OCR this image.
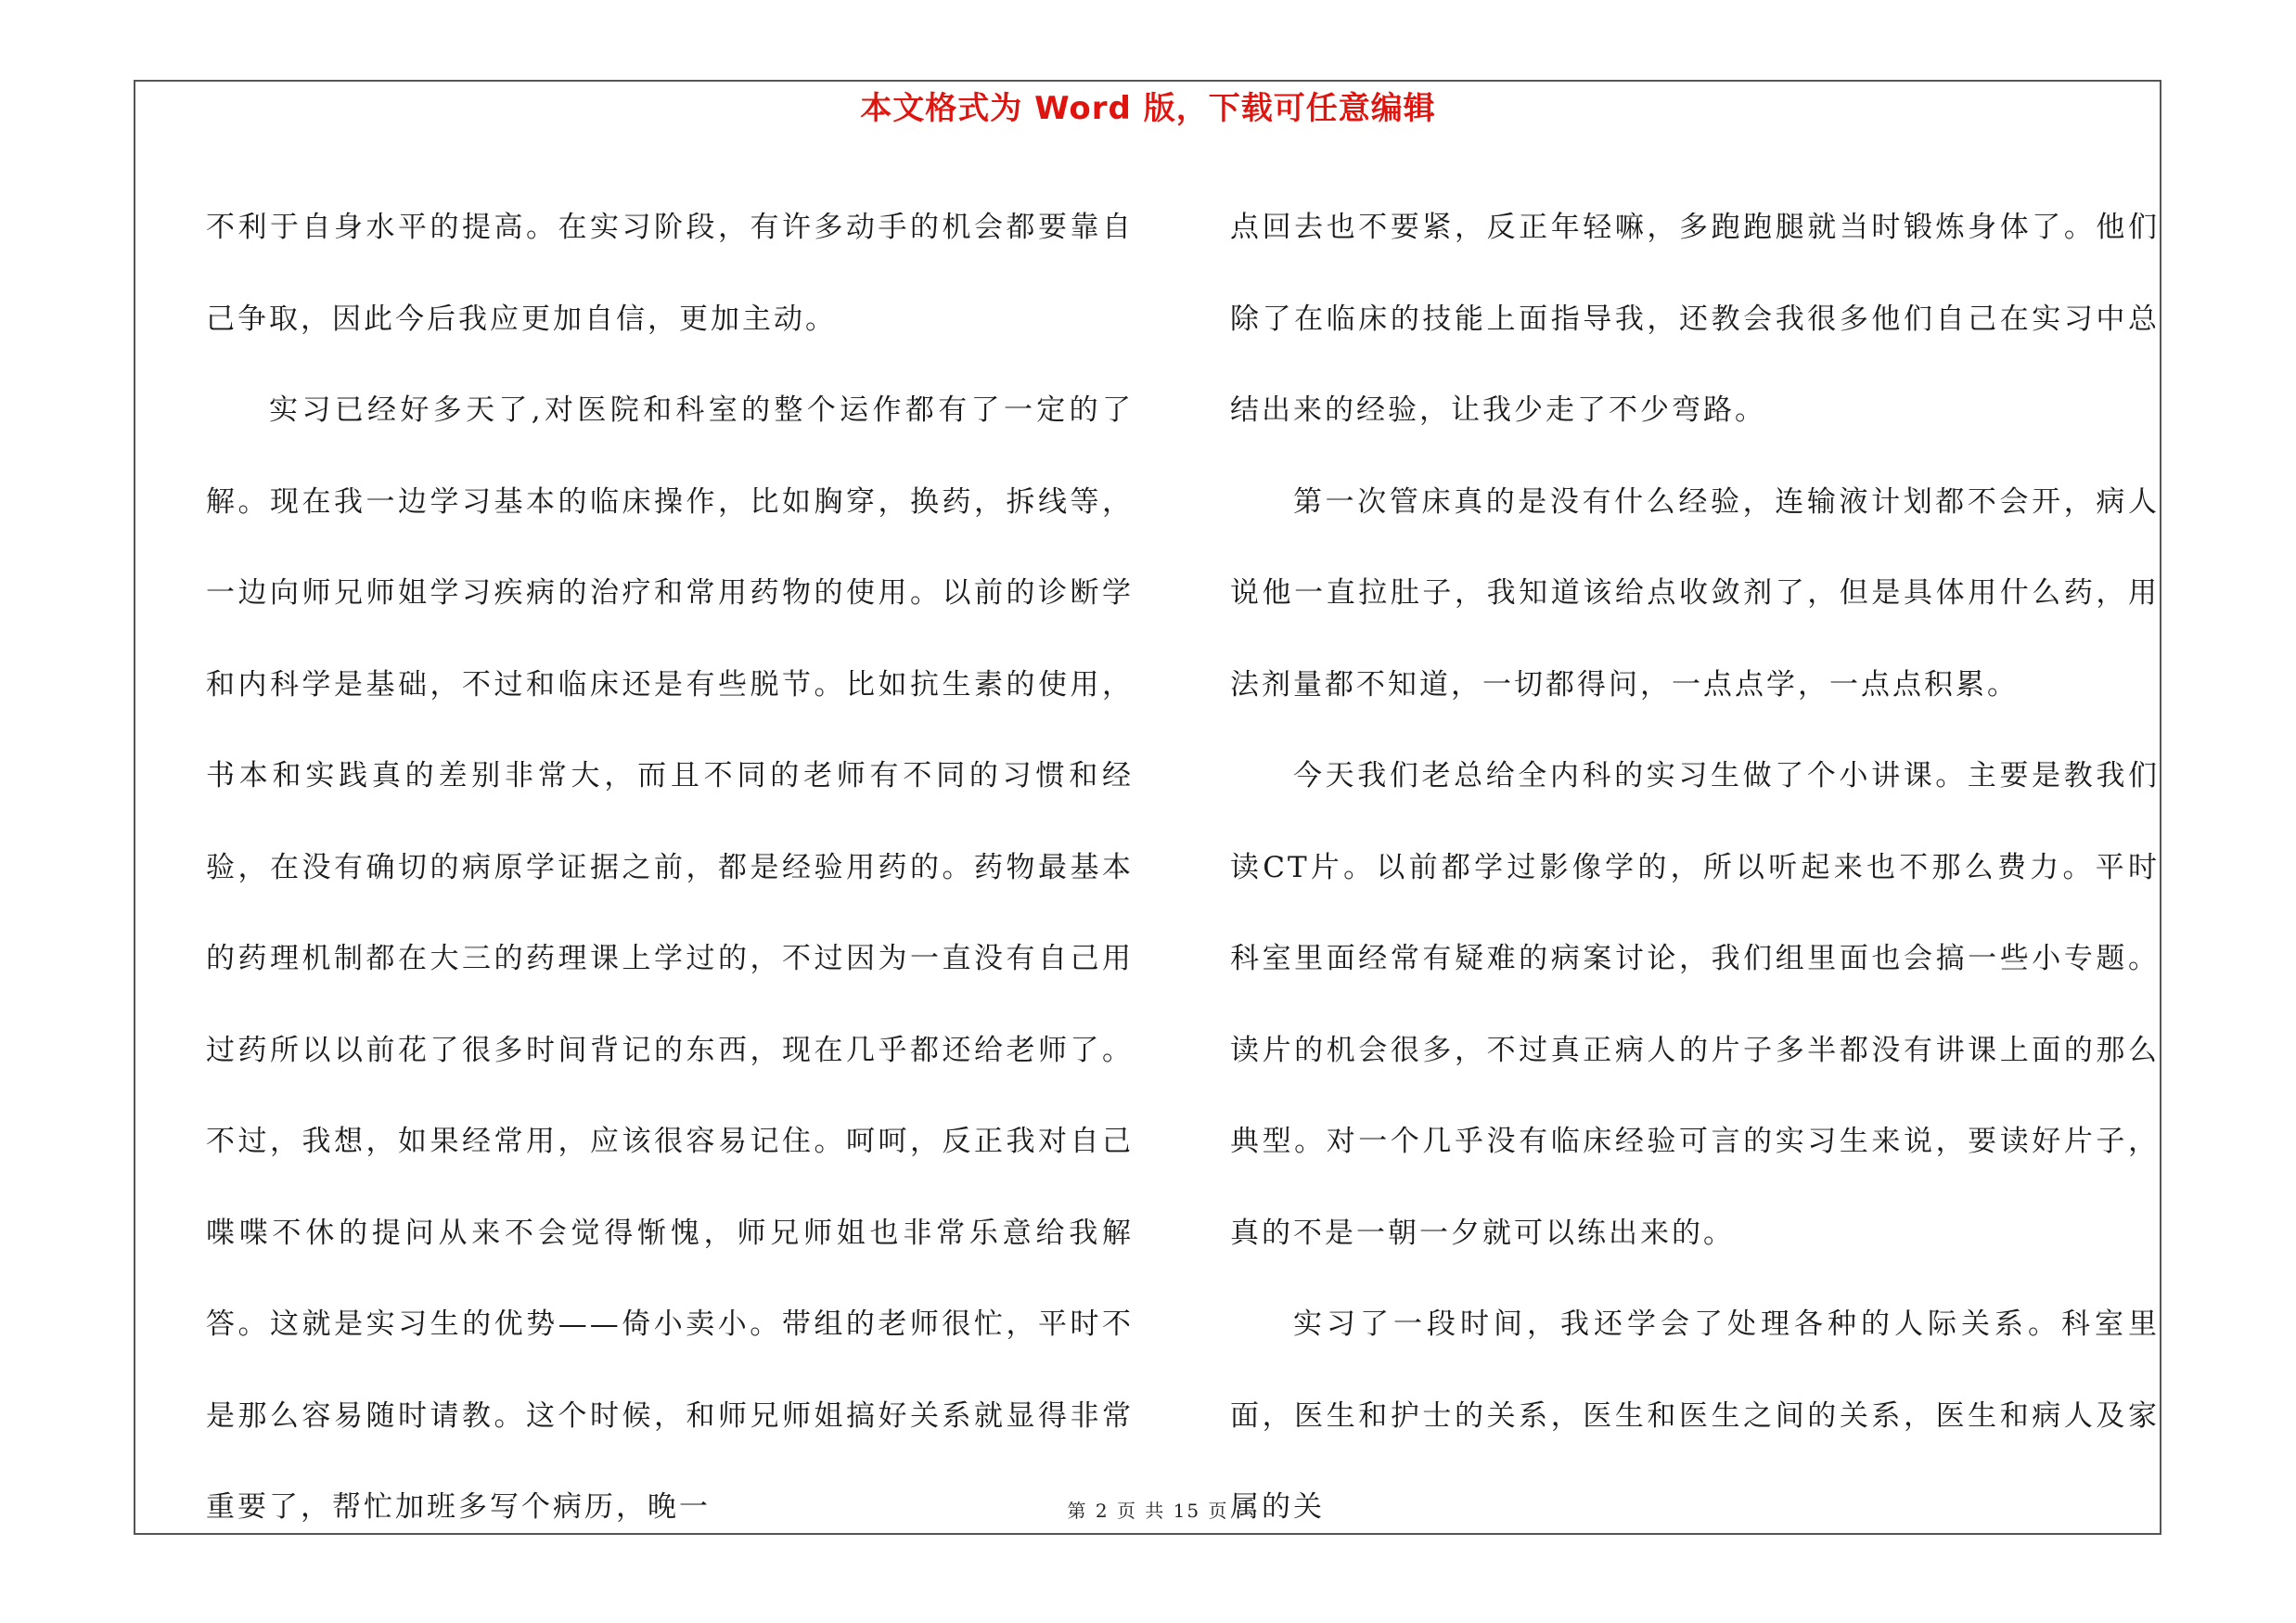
本文格式为 Word 版，下载可任意编辑

不利于自身水平的提高。在实习阶段，有许多动手的机会都要靠自己争取，因此今后我应更加自信，更加主动。

实习已经好多天了,对医院和科室的整个运作都有了一定的了解。现在我一边学习基本的临床操作，比如胸穿，换药，拆线等，一边向师兄师姐学习疾病的治疗和常用药物的使用。以前的诊断学和内科学是基础，不过和临床还是有些脱节。比如抗生素的使用，书本和实践真的差别非常大，而且不同的老师有不同的习惯和经验，在没有确切的病原学证据之前，都是经验用药的。药物最基本的药理机制都在大三的药理课上学过的，不过因为一直没有自己用过药所以以前花了很多时间背记的东西，现在几乎都还给老师了。不过，我想，如果经常用，应该很容易记住。呵呵，反正我对自己喋喋不休的提问从来不会觉得惭愧，师兄师姐也非常乐意给我解答。这就是实习生的优势——倚小卖小。带组的老师很忙，平时不是那么容易随时请教。这个时候，和师兄师姐搞好关系就显得非常重要了，帮忙加班多写个病历，晚一

点回去也不要紧，反正年轻嘛，多跑跑腿就当时锻炼身体了。他们除了在临床的技能上面指导我，还教会我很多他们自己在实习中总结出来的经验，让我少走了不少弯路。

第一次管床真的是没有什么经验，连输液计划都不会开，病人说他一直拉肚子，我知道该给点收敛剂了，但是具体用什么药，用法剂量都不知道，一切都得问，一点点学，一点点积累。

今天我们老总给全内科的实习生做了个小讲课。主要是教我们读CT片。以前都学过影像学的，所以听起来也不那么费力。平时科室里面经常有疑难的病案讨论，我们组里面也会搞一些小专题。读片的机会很多，不过真正病人的片子多半都没有讲课上面的那么典型。对一个几乎没有临床经验可言的实习生来说，要读好片子，真的不是一朝一夕就可以练出来的。

实习了一段时间，我还学会了处理各种的人际关系。科室里面，医生和护士的关系，医生和医生之间的关系，医生和病人及家属的关

第 2 页 共 15 页
